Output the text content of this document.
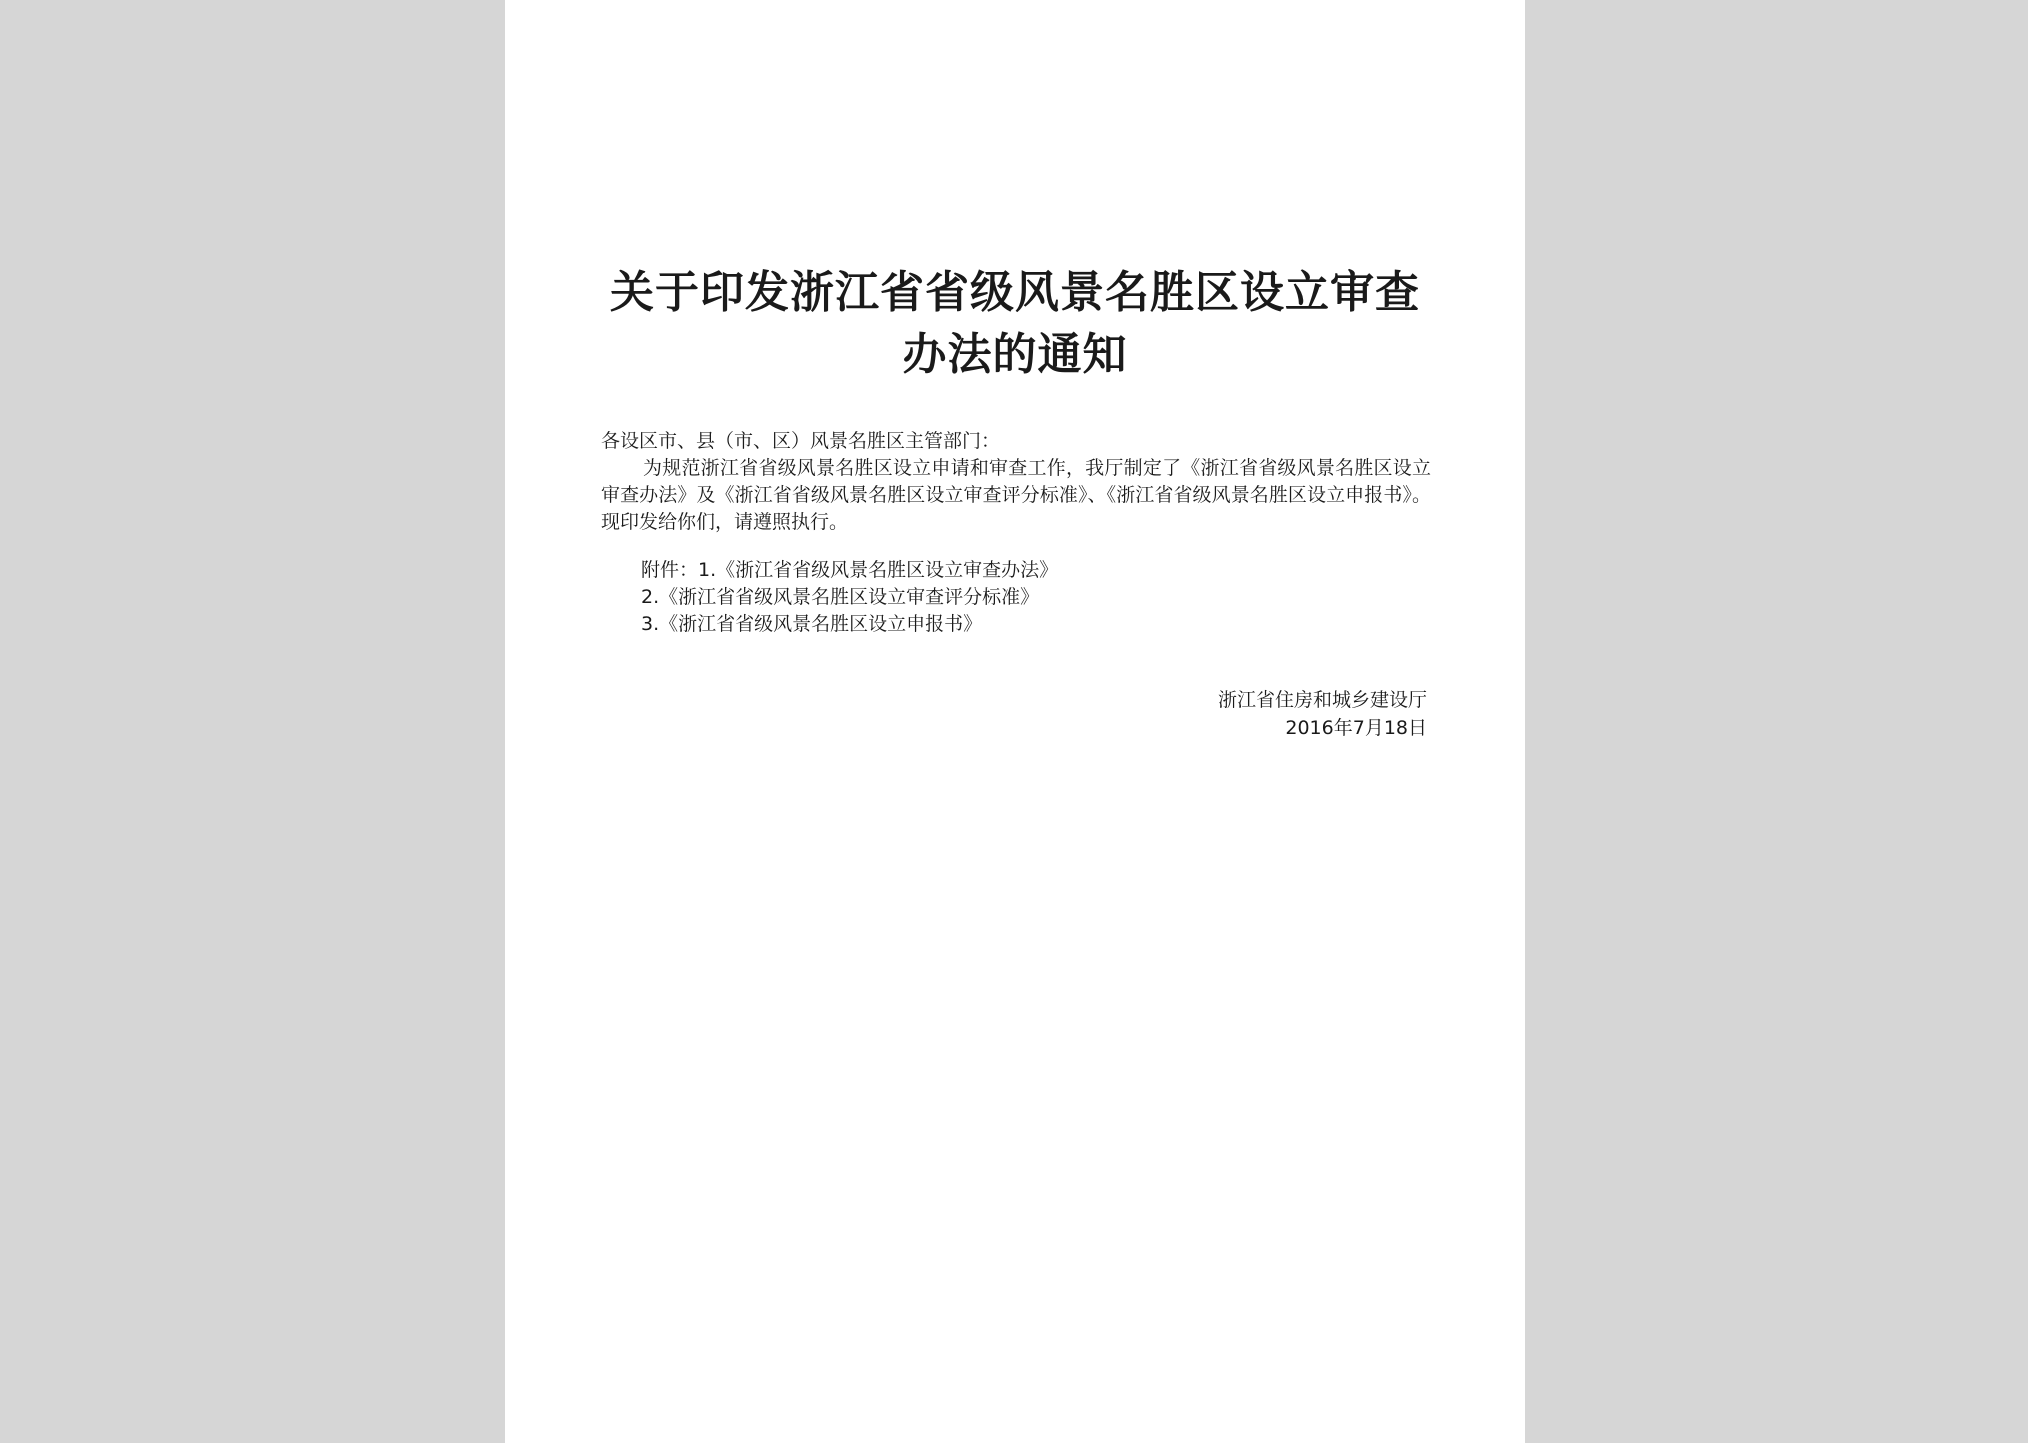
关于印发浙江省省级风景名胜区设立审查
办法的通知

各设区市、县（市、区）风景名胜区主管部门：

为规范浙江省省级风景名胜区设立申请和审查工作，我厅制定了《浙江省省级风景名胜区设立审查办法》及《浙江省省级风景名胜区设立审查评分标准》、《浙江省省级风景名胜区设立申报书》。现印发给你们，请遵照执行。

附件：1.《浙江省省级风景名胜区设立审查办法》
2.《浙江省省级风景名胜区设立审查评分标准》
3.《浙江省省级风景名胜区设立申报书》
浙江省住房和城乡建设厅
2016年7月18日
